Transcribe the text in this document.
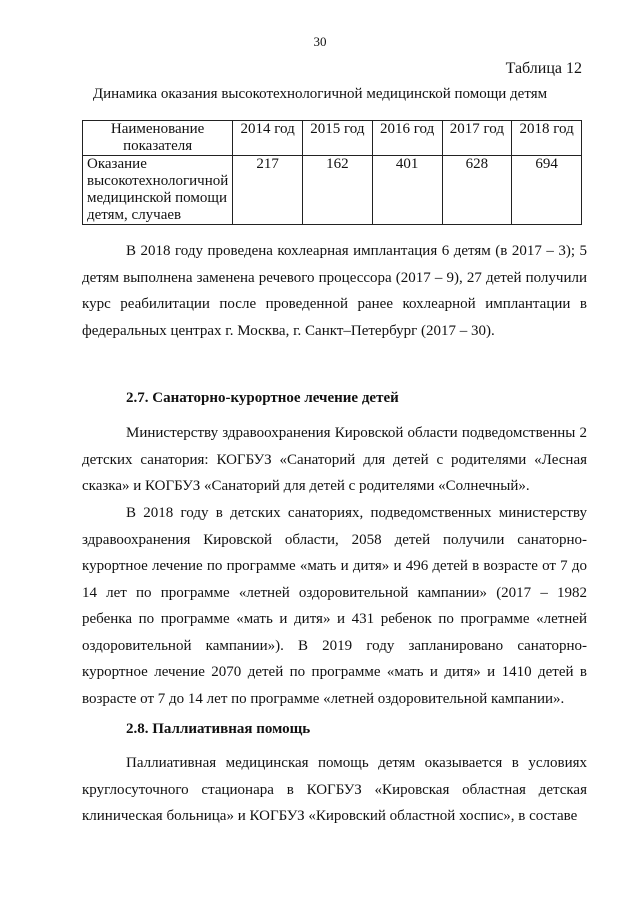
30
Таблица 12
Динамика оказания высокотехнологичной медицинской помощи детям
Наименование показателя	2014 год	2015 год	2016 год	2017 год	2018 год
Оказание высокотехнологичной медицинской помощи детям, случаев	217	162	401	628	694

В 2018 году проведена кохлеарная имплантация 6 детям (в 2017 – 3); 5 детям выполнена заменена речевого процессора (2017 – 9), 27 детей получили курс реабилитации после проведенной ранее кохлеарной имплантации в федеральных центрах г. Москва, г. Санкт–Петербург (2017 – 30).

2.7. Санаторно-курортное лечение детей

Министерству здравоохранения Кировской области подведомственны 2 детских санатория: КОГБУЗ «Санаторий для детей с родителями «Лесная сказка» и КОГБУЗ «Санаторий для детей с родителями «Солнечный».

В 2018 году в детских санаториях, подведомственных министерству здравоохранения Кировской области, 2058 детей получили санаторно-курортное лечение по программе «мать и дитя» и 496 детей в возрасте от 7 до 14 лет по программе «летней оздоровительной кампании» (2017 – 1982 ребенка по программе «мать и дитя» и 431 ребенок по программе «летней оздоровительной кампании»). В 2019 году запланировано санаторно-курортное лечение 2070 детей по программе «мать и дитя» и 1410 детей в возрасте от 7 до 14 лет по программе «летней оздоровительной кампании».

2.8. Паллиативная помощь

Паллиативная медицинская помощь детям оказывается в условиях круглосуточного стационара в КОГБУЗ «Кировская областная детская клиническая больница» и КОГБУЗ «Кировский областной хоспис», в составе
